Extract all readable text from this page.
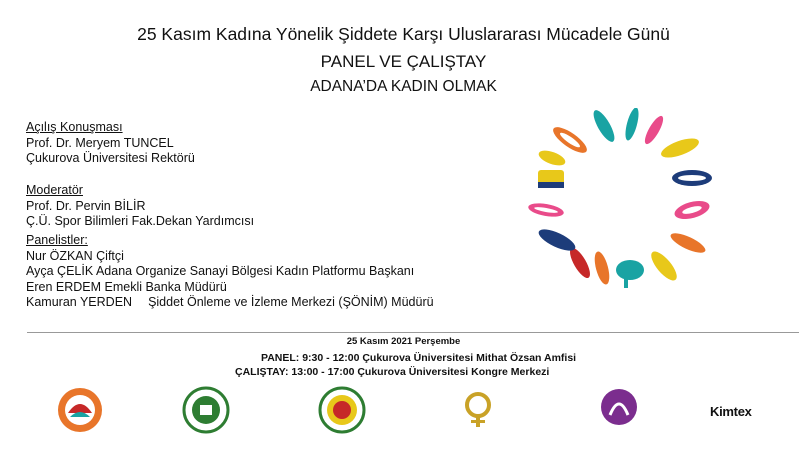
25 Kasım Kadına Yönelik Şiddete Karşı Uluslararası Mücadele Günü
PANEL VE ÇALIŞTAY
ADANA’DA KADIN OLMAK
Açılış Konuşması
Prof. Dr. Meryem TUNCEL
Çukurova Üniversitesi Rektörü
Moderatör
Prof. Dr. Pervin BİLİR
Ç.Ü. Spor Bilimleri Fak.Dekan Yardımcısı
Panelistler:
Nur ÖZKAN Çiftçi
Ayça ÇELİK Adana Organize Sanayi Bölgesi Kadın Platformu Başkanı
Eren ERDEM Emekli Banka Müdürü
Kamuran YERDEN Şiddet Önleme ve İzleme Merkezi (ŞÖNİM) Müdürü
25 Kasım 2021 Perşembe
PANEL: 9:30 - 12:00 Çukurova Üniversitesi Mithat Özsan Amfisi
ÇALIŞTAY: 13:00 - 17:00 Çukurova Üniversitesi Kongre Merkezi
Kimtex
